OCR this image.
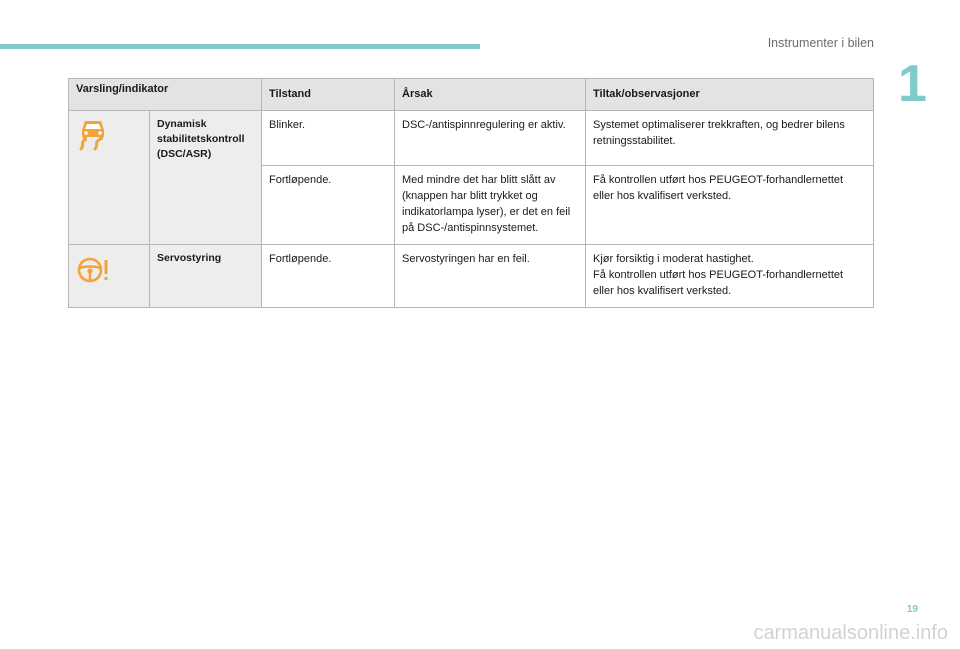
Instrumenter i bilen
1
Varsling/indikator		Tilstand	Årsak	Tiltak/observasjoner
	Dynamisk stabilitetskontroll (DSC/ASR)	Blinker.	DSC-/antispinnregulering er aktiv.	Systemet optimaliserer trekkraften, og bedrer bilens retningsstabilitet.
		Fortløpende.	Med mindre det har blitt slått av (knappen har blitt trykket og indikatorlampa lyser), er det en feil på DSC-/antispinnsystemet.	Få kontrollen utført hos PEUGEOT-forhandlernettet eller hos kvalifisert verksted.
	Servostyring	Fortløpende.	Servostyringen har en feil.	Kjør forsiktig i moderat hastighet.
Få kontrollen utført hos PEUGEOT-forhandlernettet eller hos kvalifisert verksted.
19
carmanualsonline.info
